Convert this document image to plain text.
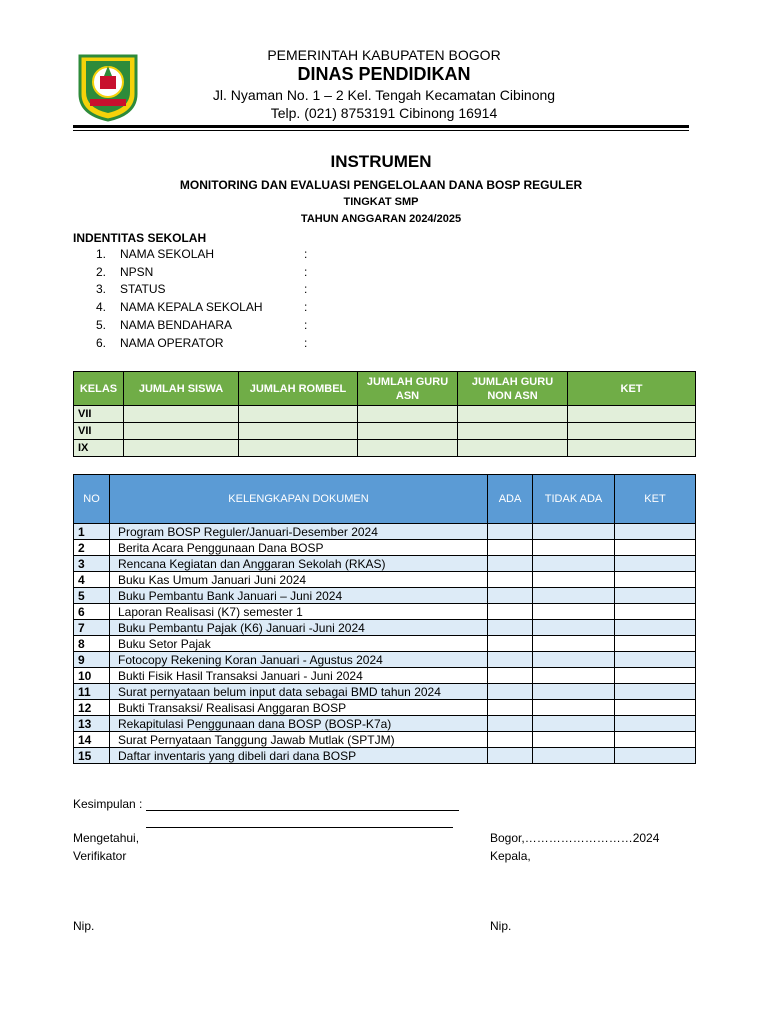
PEMERINTAH KABUPATEN BOGOR
DINAS PENDIDIKAN
Jl. Nyaman No. 1 – 2 Kel. Tengah Kecamatan Cibinong
Telp. (021) 8753191 Cibinong 16914
INSTRUMEN
MONITORING DAN EVALUASI PENGELOLAAN DANA BOSP REGULER
TINGKAT SMP
TAHUN ANGGARAN 2024/2025
INDENTITAS SEKOLAH
1.	NAMA SEKOLAH	:
2.	NPSN	:
3.	STATUS	:
4.	NAMA KEPALA SEKOLAH	:
5.	NAMA BENDAHARA	:
6.	NAMA OPERATOR	:
KELAS	JUMLAH SISWA	JUMLAH ROMBEL	JUMLAH GURU ASN	JUMLAH GURU NON ASN	KET
VII					
VII					
IX					
NO	KELENGKAPAN DOKUMEN	ADA	TIDAK ADA	KET
1	Program BOSP Reguler/Januari-Desember 2024			
2	Berita Acara Penggunaan Dana BOSP			
3	Rencana Kegiatan dan Anggaran Sekolah (RKAS)			
4	Buku Kas Umum Januari Juni 2024			
5	Buku Pembantu Bank Januari – Juni 2024			
6	Laporan Realisasi (K7) semester 1			
7	Buku Pembantu Pajak (K6) Januari -Juni 2024			
8	Buku Setor Pajak			
9	Fotocopy Rekening Koran Januari - Agustus 2024			
10	Bukti Fisik Hasil Transaksi Januari - Juni 2024			
11	Surat pernyataan belum input data sebagai BMD tahun 2024			
12	Bukti Transaksi/ Realisasi Anggaran BOSP			
13	Rekapitulasi Penggunaan dana BOSP (BOSP-K7a)			
14	Surat Pernyataan Tanggung Jawab Mutlak (SPTJM)			
15	Daftar inventaris yang dibeli dari dana BOSP			
Kesimpulan :
Mengetahui,
Verifikator
Bogor,………………………2024
Kepala,
Nip.	Nip.
